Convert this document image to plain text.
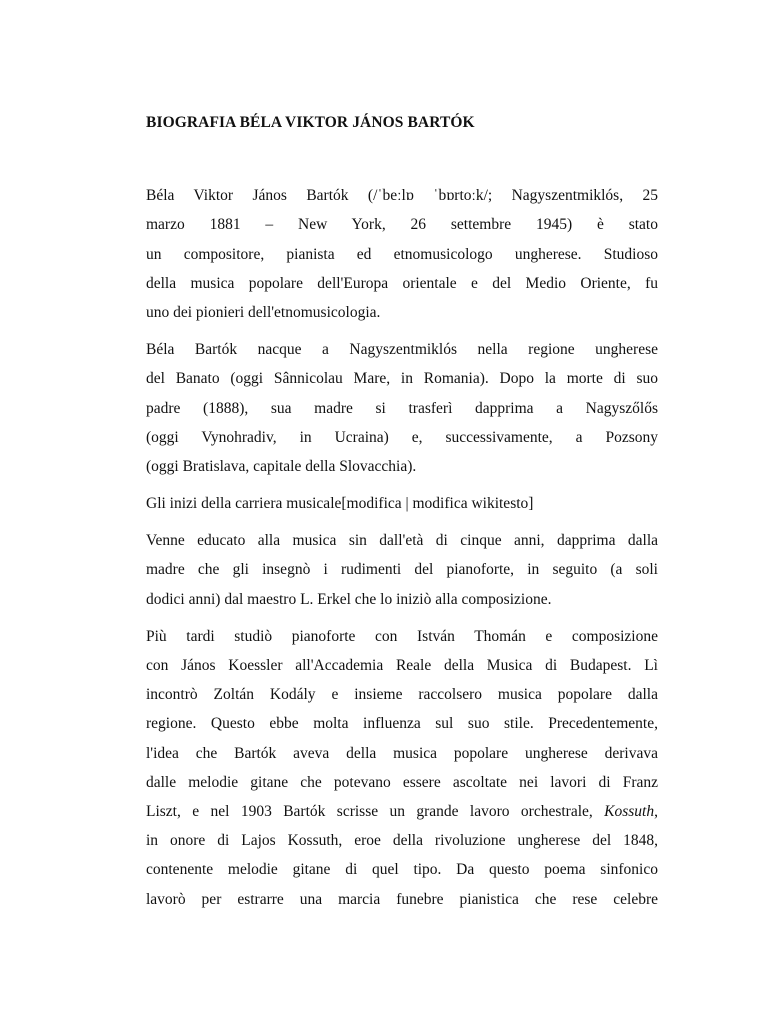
BIOGRAFIA BÉLA VIKTOR JÁNOS BARTÓK
Béla Viktor János Bartók (/ˈbeːlɒ ˈbɒrtoːk/; Nagyszentmiklós, 25
marzo 1881 – New York, 26 settembre 1945) è stato
un compositore, pianista ed etnomusicologo ungherese. Studioso
della musica popolare dell'Europa orientale e del Medio Oriente, fu
uno dei pionieri dell'etnomusicologia.
Béla Bartók nacque a Nagyszentmiklós nella regione ungherese
del Banato (oggi Sânnicolau Mare, in Romania). Dopo la morte di suo
padre (1888), sua madre si trasferì dapprima a Nagyszőlős
(oggi Vynohradiv, in Ucraina) e, successivamente, a Pozsony
(oggi Bratislava, capitale della Slovacchia).
Gli inizi della carriera musicale[modifica | modifica wikitesto]
Venne educato alla musica sin dall'età di cinque anni, dapprima dalla
madre che gli insegnò i rudimenti del pianoforte, in seguito (a soli
dodici anni) dal maestro L. Erkel che lo iniziò alla composizione.
Più tardi studiò pianoforte con István Thomán e composizione
con János Koessler all'Accademia Reale della Musica di Budapest. Lì
incontrò Zoltán Kodály e insieme raccolsero musica popolare dalla
regione. Questo ebbe molta influenza sul suo stile. Precedentemente,
l'idea che Bartók aveva della musica popolare ungherese derivava
dalle melodie gitane che potevano essere ascoltate nei lavori di Franz
Liszt, e nel 1903 Bartók scrisse un grande lavoro orchestrale, Kossuth,
in onore di Lajos Kossuth, eroe della rivoluzione ungherese del 1848,
contenente melodie gitane di quel tipo. Da questo poema sinfonico
lavorò per estrarre una marcia funebre pianistica che rese celebre
